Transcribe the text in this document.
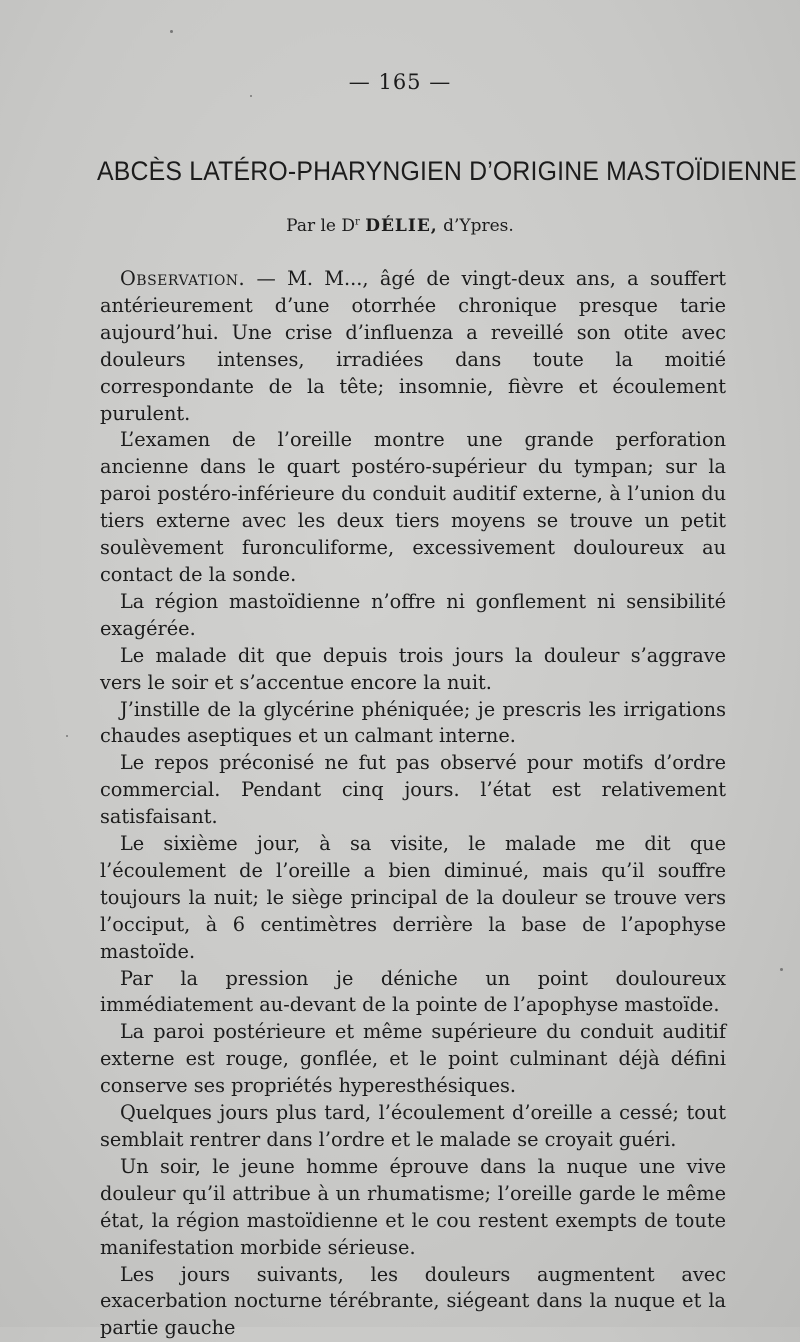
— 165 —
ABCÈS LATÉRO-PHARYNGIEN D’ORIGINE MASTOÏDIENNE
Par le $D^r$ DÉLIE, d’Ypres.

Observation. — M. M..., âgé de vingt-deux ans, a souffert antérieurement d’une otorrhée chronique presque tarie aujourd’hui. Une crise d’influenza a reveillé son otite avec douleurs intenses, irradiées dans toute la moitié correspondante de la tête; insomnie, fièvre et écoulement purulent.

L’examen de l’oreille montre une grande perforation ancienne dans le quart postéro-supérieur du tympan; sur la paroi postéro-inférieure du conduit auditif externe, à l’union du tiers externe avec les deux tiers moyens se trouve un petit soulèvement furonculiforme, excessivement douloureux au contact de la sonde.

La région mastoïdienne n’offre ni gonflement ni sensibilité exagérée.

Le malade dit que depuis trois jours la douleur s’aggrave vers le soir et s’accentue encore la nuit.

J’instille de la glycérine phéniquée; je prescris les irrigations chaudes aseptiques et un calmant interne.

Le repos préconisé ne fut pas observé pour motifs d’ordre commercial. Pendant cinq jours. l’état est relativement satisfaisant.

Le sixième jour, à sa visite, le malade me dit que l’écoulement de l’oreille a bien diminué, mais qu’il souffre toujours la nuit; le siège principal de la douleur se trouve vers l’occiput, à 6 centimètres derrière la base de l’apophyse mastoïde.

Par la pression je déniche un point douloureux immédiatement au-devant de la pointe de l’apophyse mastoïde.

La paroi postérieure et même supérieure du conduit auditif externe est rouge, gonflée, et le point culminant déjà défini conserve ses propriétés hyperesthésiques.

Quelques jours plus tard, l’écoulement d’oreille a cessé; tout semblait rentrer dans l’ordre et le malade se croyait guéri.

Un soir, le jeune homme éprouve dans la nuque une vive douleur qu’il attribue à un rhumatisme; l’oreille garde le même état, la région mastoïdienne et le cou restent exempts de toute manifestation morbide sérieuse.

Les jours suivants, les douleurs augmentent avec exacerbation nocturne térébrante, siégeant dans la nuque et la partie gauche
